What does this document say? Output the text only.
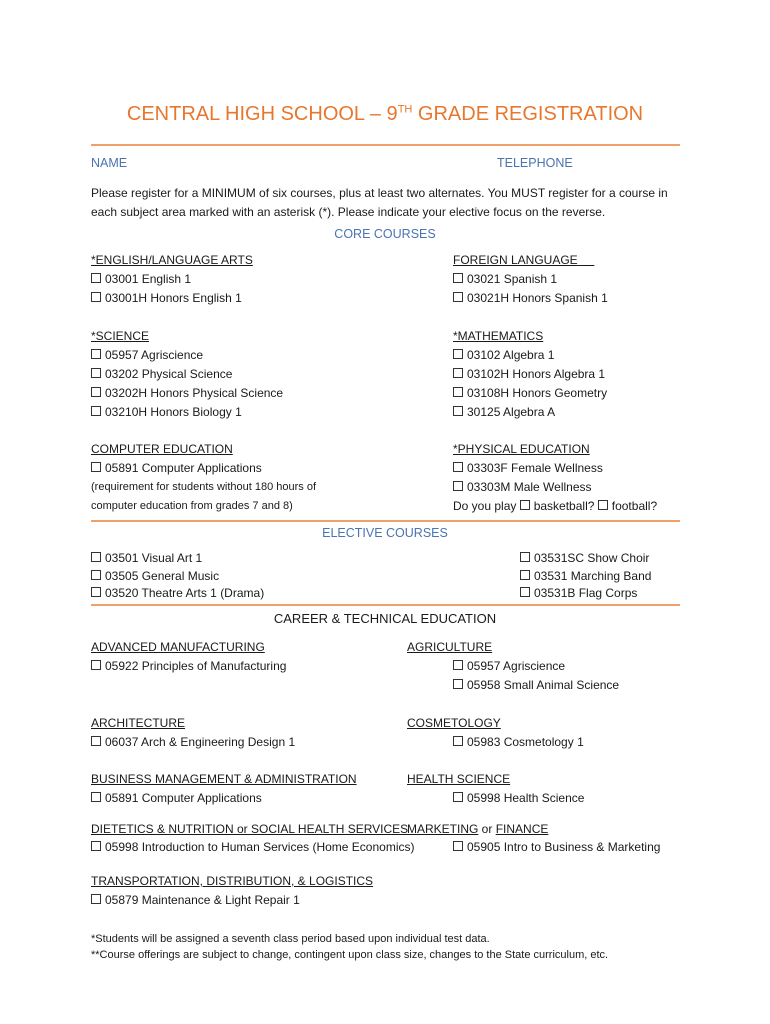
CENTRAL HIGH SCHOOL – 9TH GRADE REGISTRATION
NAME	TELEPHONE
Please register for a MINIMUM of six courses, plus at least two alternates. You MUST register for a course in each subject area marked with an asterisk (*). Please indicate your elective focus on the reverse.
CORE COURSES
*ENGLISH/LANGUAGE ARTS
03001 English 1
03001H Honors English 1
FOREIGN LANGUAGE
03021 Spanish 1
03021H Honors Spanish 1
*SCIENCE
05957 Agriscience
03202 Physical Science
03202H Honors Physical Science
03210H Honors Biology 1
*MATHEMATICS
03102 Algebra 1
03102H Honors Algebra 1
03108H Honors Geometry
30125 Algebra A
COMPUTER EDUCATION
05891 Computer Applications
(requirement for students without 180 hours of
computer education from grades 7 and 8)
*PHYSICAL EDUCATION
03303F Female Wellness
03303M Male Wellness
Do you play basketball? football?
ELECTIVE COURSES
03501 Visual Art 1
03505 General Music
03520 Theatre Arts 1 (Drama)
03531SC Show Choir
03531 Marching Band
03531B Flag Corps
CAREER & TECHNICAL EDUCATION
ADVANCED MANUFACTURING
05922 Principles of Manufacturing
AGRICULTURE
05957 Agriscience
05958 Small Animal Science
ARCHITECTURE
06037 Arch & Engineering Design 1
COSMETOLOGY
05983 Cosmetology 1
BUSINESS MANAGEMENT & ADMINISTRATION
05891 Computer Applications
HEALTH SCIENCE
05998 Health Science
DIETETICS & NUTRITION or SOCIAL HEALTH SERVICES
05998 Introduction to Human Services (Home Economics)
MARKETING or FINANCE
05905 Intro to Business & Marketing
TRANSPORTATION, DISTRIBUTION, & LOGISTICS
05879 Maintenance & Light Repair 1
*Students will be assigned a seventh class period based upon individual test data.
**Course offerings are subject to change, contingent upon class size, changes to the State curriculum, etc.
